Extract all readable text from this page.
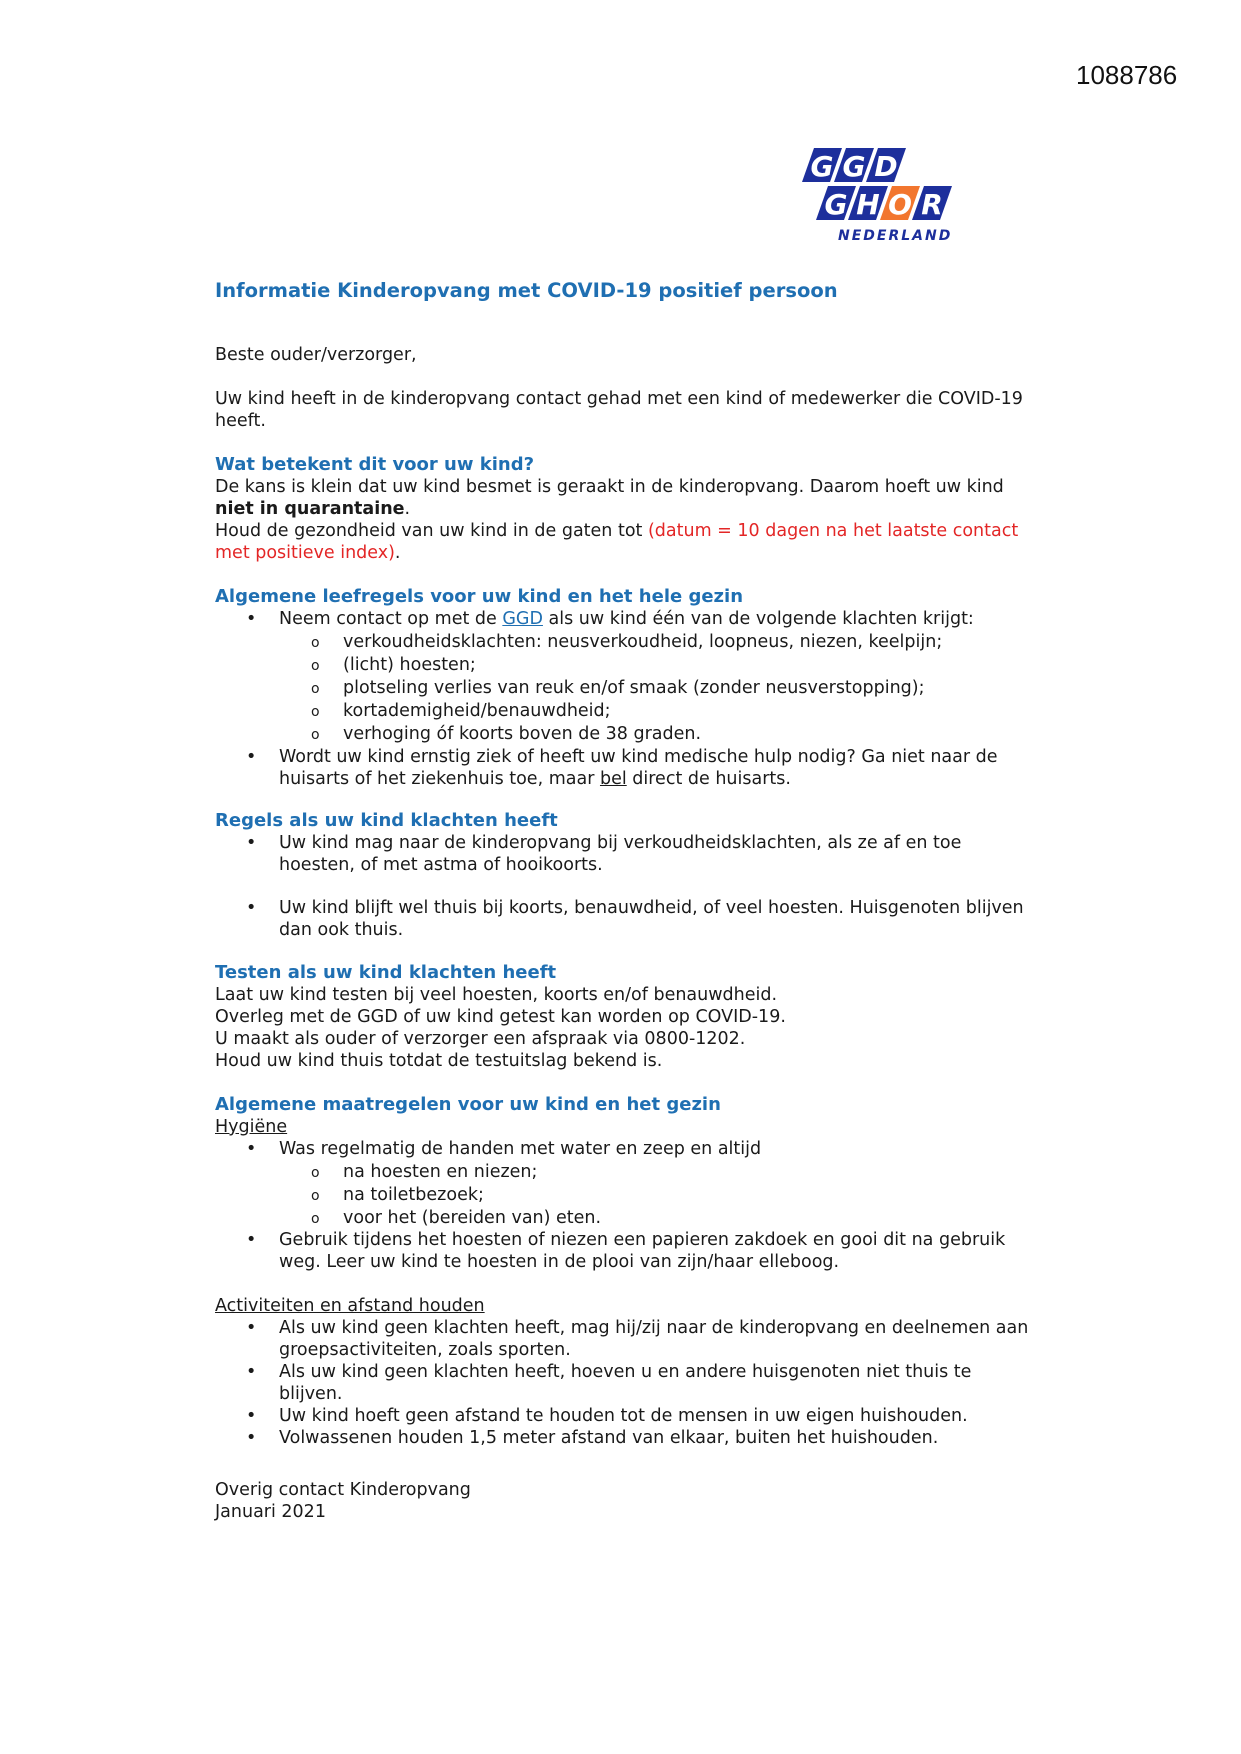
1088786
G G D
G H O R
NEDERLAND
Informatie Kinderopvang met COVID-19 positief persoon

Beste ouder/verzorger,

Uw kind heeft in de kinderopvang contact gehad met een kind of medewerker die COVID-19 heeft.

Wat betekent dit voor uw kind?

De kans is klein dat uw kind besmet is geraakt in de kinderopvang. Daarom hoeft uw kind niet in quarantaine.

Houd de gezondheid van uw kind in de gaten tot (datum = 10 dagen na het laatste contact met positieve index).

Algemene leefregels voor uw kind en het hele gezin
• Neem contact op met de GGD als uw kind één van de volgende klachten krijgt:
o verkoudheidsklachten: neusverkoudheid, loopneus, niezen, keelpijn;
o (licht) hoesten;
o plotseling verlies van reuk en/of smaak (zonder neusverstopping);
o kortademigheid/benauwdheid;
o verhoging óf koorts boven de 38 graden.
• Wordt uw kind ernstig ziek of heeft uw kind medische hulp nodig? Ga niet naar de huisarts of het ziekenhuis toe, maar bel direct de huisarts.
Regels als uw kind klachten heeft
• Uw kind mag naar de kinderopvang bij verkoudheidsklachten, als ze af en toe hoesten, of met astma of hooikoorts.
• Uw kind blijft wel thuis bij koorts, benauwdheid, of veel hoesten. Huisgenoten blijven dan ook thuis.
Testen als uw kind klachten heeft

Laat uw kind testen bij veel hoesten, koorts en/of benauwdheid.

Overleg met de GGD of uw kind getest kan worden op COVID-19.

U maakt als ouder of verzorger een afspraak via 0800-1202.

Houd uw kind thuis totdat de testuitslag bekend is.

Algemene maatregelen voor uw kind en het gezin

Hygiëne

• Was regelmatig de handen met water en zeep en altijd
o na hoesten en niezen;
o na toiletbezoek;
o voor het (bereiden van) eten.
• Gebruik tijdens het hoesten of niezen een papieren zakdoek en gooi dit na gebruik weg. Leer uw kind te hoesten in de plooi van zijn/haar elleboog.

Activiteiten en afstand houden

• Als uw kind geen klachten heeft, mag hij/zij naar de kinderopvang en deelnemen aan groepsactiviteiten, zoals sporten.
• Als uw kind geen klachten heeft, hoeven u en andere huisgenoten niet thuis te blijven.
• Uw kind hoeft geen afstand te houden tot de mensen in uw eigen huishouden.
• Volwassenen houden 1,5 meter afstand van elkaar, buiten het huishouden.

Overig contact Kinderopvang

Januari 2021
